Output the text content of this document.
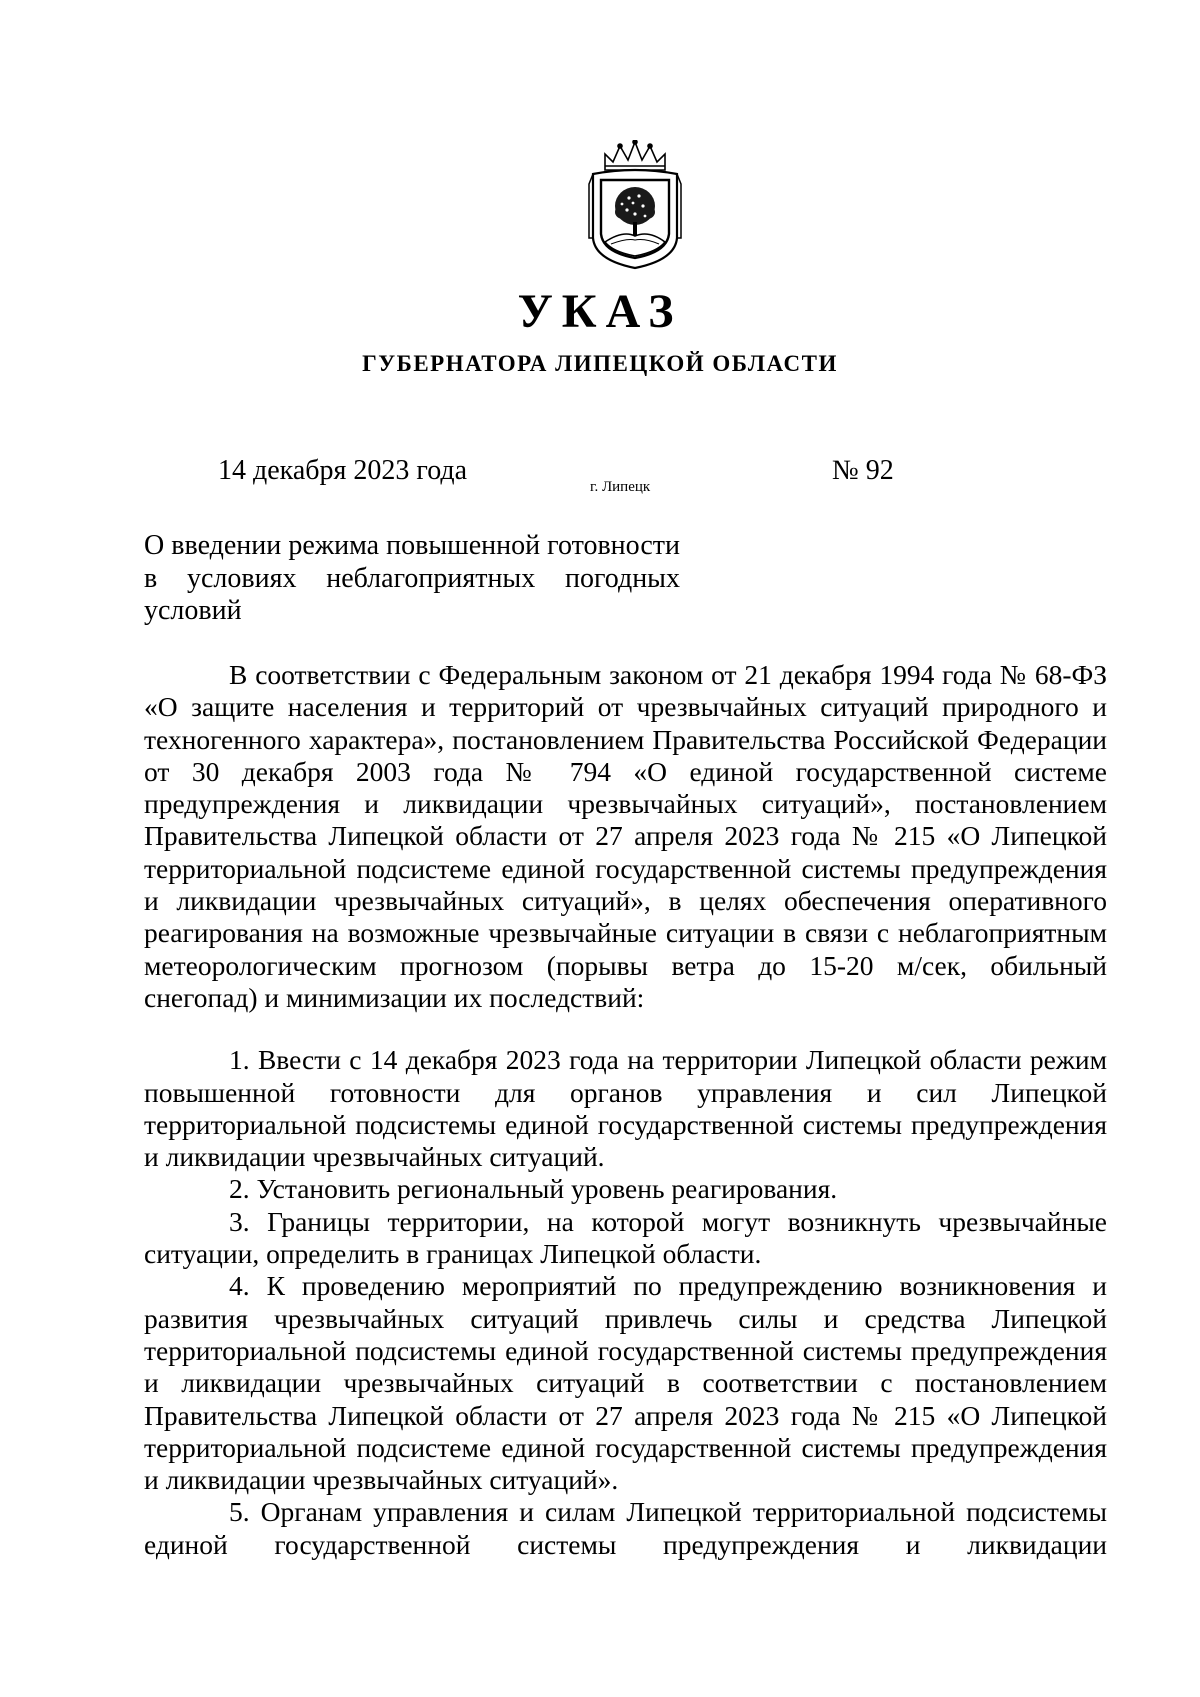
УКАЗ
ГУБЕРНАТОРА ЛИПЕЦКОЙ ОБЛАСТИ
14 декабря 2023 года
г. Липецк
№ 92
О введении режима повышенной готовности в условиях неблагоприятных погодных условий

В соответствии с Федеральным законом от 21 декабря 1994 года № 68-ФЗ «О защите населения и территорий от чрезвычайных ситуаций природного и техногенного характера», постановлением Правительства Российской Федерации от 30 декабря 2003 года № 794 «О единой государственной системе предупреждения и ликвидации чрезвычайных ситуаций», постановлением Правительства Липецкой области от 27 апреля 2023 года № 215 «О Липецкой территориальной подсистеме единой государственной системы предупреждения и ликвидации чрезвычайных ситуаций», в целях обеспечения оперативного реагирования на возможные чрезвычайные ситуации в связи с неблагоприятным метеорологическим прогнозом (порывы ветра до 15-20 м/сек, обильный снегопад) и минимизации их последствий:

1. Ввести с 14 декабря 2023 года на территории Липецкой области режим повышенной готовности для органов управления и сил Липецкой территориальной подсистемы единой государственной системы предупреждения и ликвидации чрезвычайных ситуаций.

2. Установить региональный уровень реагирования.

3. Границы территории, на которой могут возникнуть чрезвычайные ситуации, определить в границах Липецкой области.

4. К проведению мероприятий по предупреждению возникновения и развития чрезвычайных ситуаций привлечь силы и средства Липецкой территориальной подсистемы единой государственной системы предупреждения и ликвидации чрезвычайных ситуаций в соответствии с постановлением Правительства Липецкой области от 27 апреля 2023 года № 215 «О Липецкой территориальной подсистеме единой государственной системы предупреждения и ликвидации чрезвычайных ситуаций».

5. Органам управления и силам Липецкой территориальной подсистемы единой государственной системы предупреждения и ликвидации
